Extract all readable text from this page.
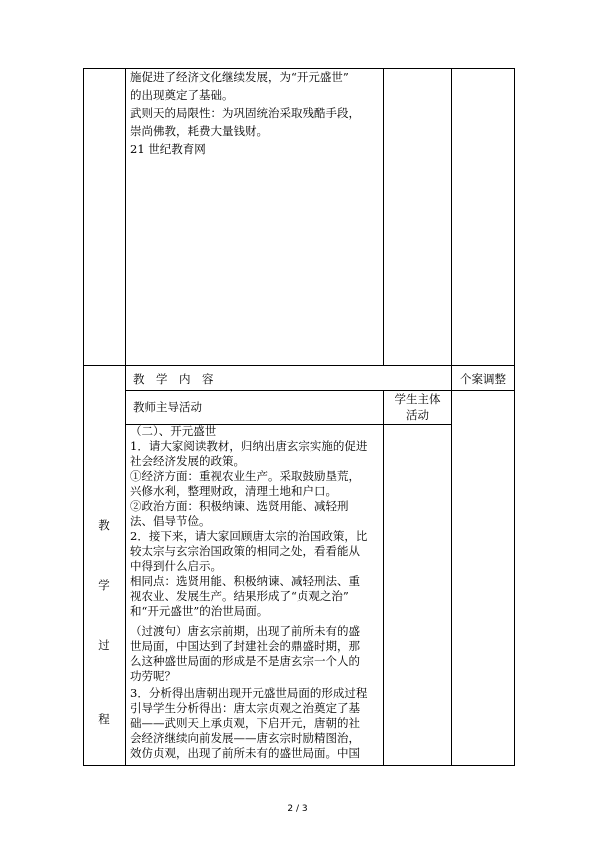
施促进了经济文化继续发展，为“开元盛世”
的出现奠定了基础。
武则天的局限性：为巩固统治采取残酷手段，
崇尚佛教，耗费大量钱财。
21 世纪教育网
教
学
过
程
教　学　内　容	个案调整
教师主导活动
学生主体
活动
（二）、开元盛世
1．请大家阅读教材，归纳出唐玄宗实施的促进
社会经济发展的政策。
①经济方面：重视农业生产。采取鼓励垦荒，
兴修水利，整理财政，清理土地和户口。
②政治方面：积极纳谏、选贤用能、减轻刑
法、倡导节俭。
2．接下来，请大家回顾唐太宗的治国政策，比
较太宗与玄宗治国政策的相同之处，看看能从
中得到什么启示。
相同点：选贤用能、积极纳谏、减轻刑法、重
视农业、发展生产。结果形成了“贞观之治”
和“开元盛世”的治世局面。
（过渡句）唐玄宗前期，出现了前所未有的盛
世局面，中国达到了封建社会的鼎盛时期，那
么这种盛世局面的形成是不是唐玄宗一个人的
功劳呢？
3．分析得出唐朝出现开元盛世局面的形成过程
引导学生分析得出：唐太宗贞观之治奠定了基
础——武则天上承贞观，下启开元，唐朝的社
会经济继续向前发展——唐玄宗时励精图治，
效仿贞观，出现了前所未有的盛世局面。中国
2 / 3
